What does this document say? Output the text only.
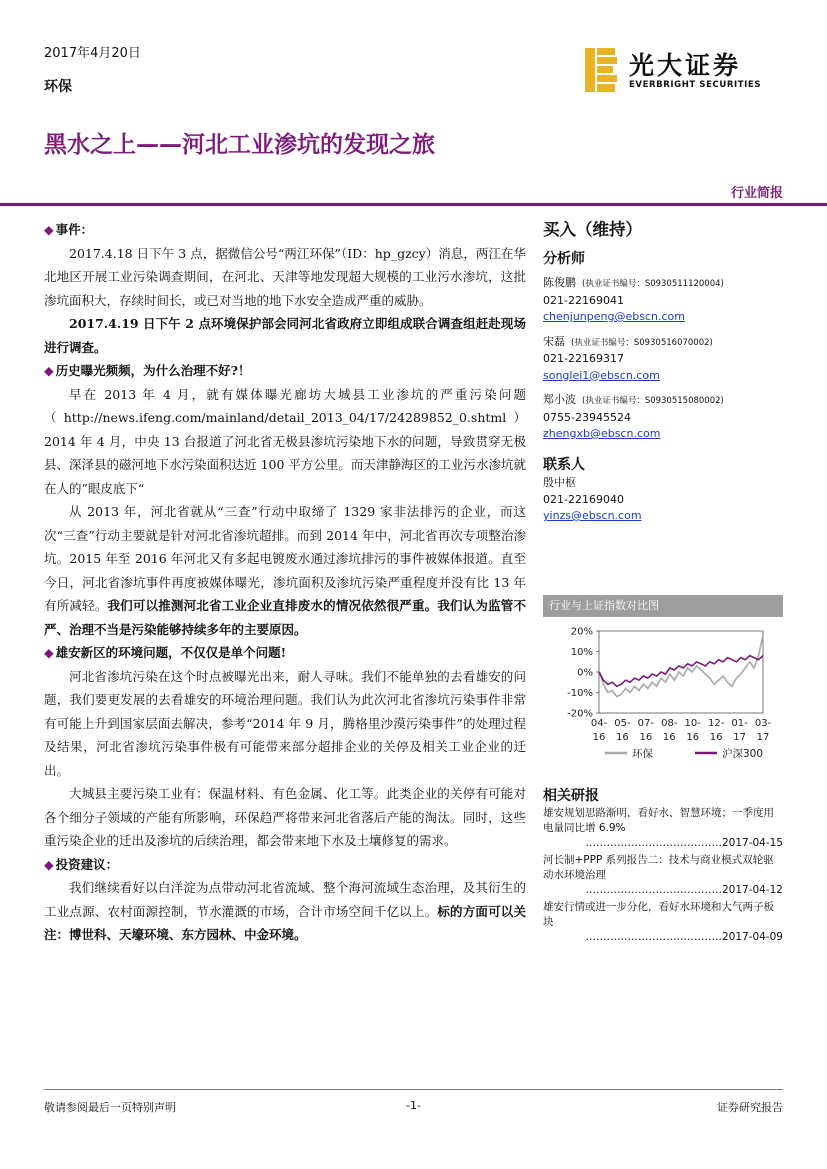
2017年4月20日
环保
光大证券
EVERBRIGHT SECURITIES
黑水之上——河北工业渗坑的发现之旅
行业简报
◆ 事件：

2017.4.18 日下午 3 点，据微信公号“两江环保”（ID：hp_gzcy）消息，两江在华北地区开展工业污染调查期间，在河北、天津等地发现超大规模的工业污水渗坑，这批渗坑面积大，存续时间长，或已对当地的地下水安全造成严重的威胁。

2017.4.19 日下午 2 点环境保护部会同河北省政府立即组成联合调查组赶赴现场进行调查。

◆ 历史曝光频频，为什么治理不好?！

早在 2013 年 4 月，就有媒体曝光廊坊大城县工业渗坑的严重污染问题（http://news.ifeng.com/mainland/detail_2013_04/17/24289852_0.shtml）2014 年 4 月，中央 13 台报道了河北省无极县渗坑污染地下水的问题，导致贯穿无极县、深泽县的磁河地下水污染面积达近 100 平方公里。而天津静海区的工业污水渗坑就在人的”眼皮底下“

从 2013 年，河北省就从“三查”行动中取缔了 1329 家非法排污的企业，而这次“三查”行动主要就是针对河北省渗坑超排。而到 2014 年中，河北省再次专项整治渗坑。2015 年至 2016 年河北又有多起电镀废水通过渗坑排污的事件被媒体报道。直至今日，河北省渗坑事件再度被媒体曝光，渗坑面积及渗坑污染严重程度并没有比 13 年有所减轻。我们可以推测河北省工业企业直排废水的情况依然很严重。我们认为监管不严、治理不当是污染能够持续多年的主要原因。

◆ 雄安新区的环境问题，不仅仅是单个问题!

河北省渗坑污染在这个时点被曝光出来，耐人寻味。我们不能单独的去看雄安的问题，我们要更发展的去看雄安的环境治理问题。我们认为此次河北省渗坑污染事件非常有可能上升到国家层面去解决，参考“2014 年 9 月，腾格里沙漠污染事件”的处理过程及结果，河北省渗坑污染事件极有可能带来部分超排企业的关停及相关工业企业的迁出。

大城县主要污染工业有：保温材料、有色金属、化工等。此类企业的关停有可能对各个细分子领域的产能有所影响，环保趋严将带来河北省落后产能的淘汰。同时，这些重污染企业的迁出及渗坑的后续治理，都会带来地下水及土壤修复的需求。

◆ 投资建议：

我们继续看好以白洋淀为点带动河北省流域、整个海河流域生态治理，及其衍生的工业点源、农村面源控制，节水灌溉的市场，合计市场空间千亿以上。标的方面可以关注：博世科、天壕环境、东方园林、中金环境。

买入（维持）
分析师
陈俊鹏 (执业证书编号：S0930511120004)
021-22169041
chenjunpeng@ebscn.com
宋磊 (执业证书编号：S0930516070002)
021-22169317
songlei1@ebscn.com
郑小波 (执业证书编号：S0930515080002)
0755-23945524
zhengxb@ebscn.com
联系人
殷中枢
021-22169040
yinzs@ebscn.com
行业与上证指数对比图
20%
10%
0%
-10%
-20%
04-
16
05-
16
07-
16
08-
16
10-
16
12-
16
01-
17
03-
17
环保	沪深300
相关研报
雄安规划思路渐明，看好水、智慧环境；一季度用电量同比增 6.9%
…………………………………2017-04-15
河长制+PPP 系列报告二：技术与商业模式双轮驱动水环境治理
…………………………………2017-04-12
雄安行情或进一步分化，看好水环境和大气两子板块
…………………………………2017-04-09
敬请参阅最后一页特别声明	-1-	证券研究报告
